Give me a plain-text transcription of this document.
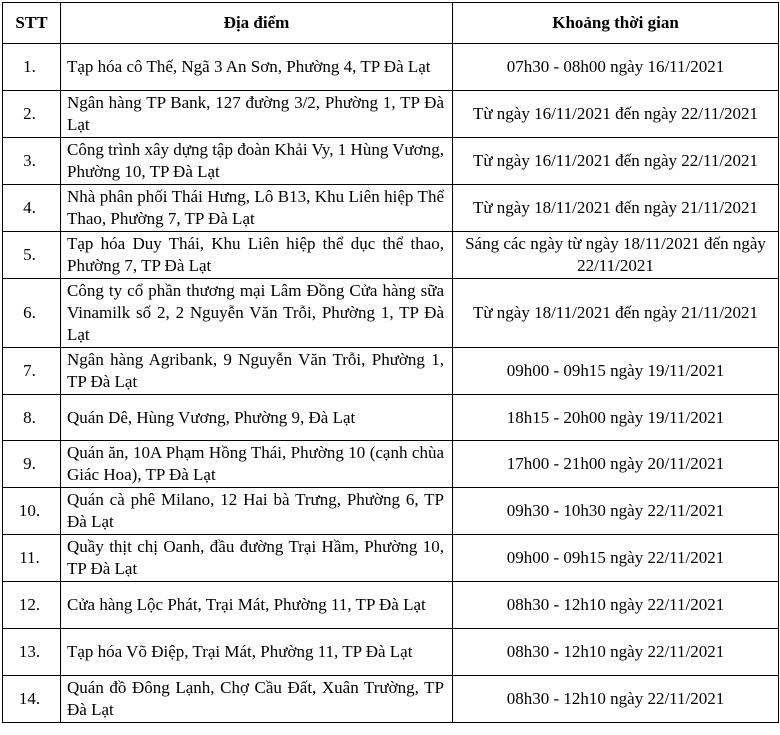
STT	Địa điểm	Khoảng thời gian
1.	Tạp hóa cô Thế, Ngã 3 An Sơn, Phường 4, TP Đà Lạt	07h30 - 08h00 ngày 16/11/2021
2.	Ngân hàng TP Bank, 127 đường 3/2, Phường 1, TP Đà Lạt	Từ ngày 16/11/2021 đến ngày 22/11/2021
3.	Công trình xây dựng tập đoàn Khải Vy, 1 Hùng Vương, Phường 10, TP Đà Lạt	Từ ngày 16/11/2021 đến ngày 22/11/2021
4.	Nhà phân phối Thái Hưng, Lô B13, Khu Liên hiệp Thể Thao, Phường 7, TP Đà Lạt	Từ ngày 18/11/2021 đến ngày 21/11/2021
5.	Tạp hóa Duy Thái, Khu Liên hiệp thể dục thể thao, Phường 7, TP Đà Lạt	Sáng các ngày từ ngày 18/11/2021 đến ngày 22/11/2021
6.	Công ty cổ phần thương mại Lâm Đồng Cửa hàng sữa Vinamilk số 2, 2 Nguyễn Văn Trỗi, Phường 1, TP Đà Lạt	Từ ngày 18/11/2021 đến ngày 21/11/2021
7.	Ngân hàng Agribank, 9 Nguyễn Văn Trỗi, Phường 1, TP Đà Lạt	09h00 - 09h15 ngày 19/11/2021
8.	Quán Dê, Hùng Vương, Phường 9, Đà Lạt	18h15 - 20h00 ngày 19/11/2021
9.	Quán ăn, 10A Phạm Hồng Thái, Phường 10 (cạnh chùa Giác Hoa), TP Đà Lạt	17h00 - 21h00 ngày 20/11/2021
10.	Quán cà phê Milano, 12 Hai bà Trưng, Phường 6, TP Đà Lạt	09h30 - 10h30 ngày 22/11/2021
11.	Quầy thịt chị Oanh, đầu đường Trại Hầm, Phường 10, TP Đà Lạt	09h00 - 09h15 ngày 22/11/2021
12.	Cửa hàng Lộc Phát, Trại Mát, Phường 11, TP Đà Lạt	08h30 - 12h10 ngày 22/11/2021
13.	Tạp hóa Võ Điệp, Trại Mát, Phường 11, TP Đà Lạt	08h30 - 12h10 ngày 22/11/2021
14.	Quán đồ Đông Lạnh, Chợ Cầu Đất, Xuân Trường, TP Đà Lạt	08h30 - 12h10 ngày 22/11/2021
